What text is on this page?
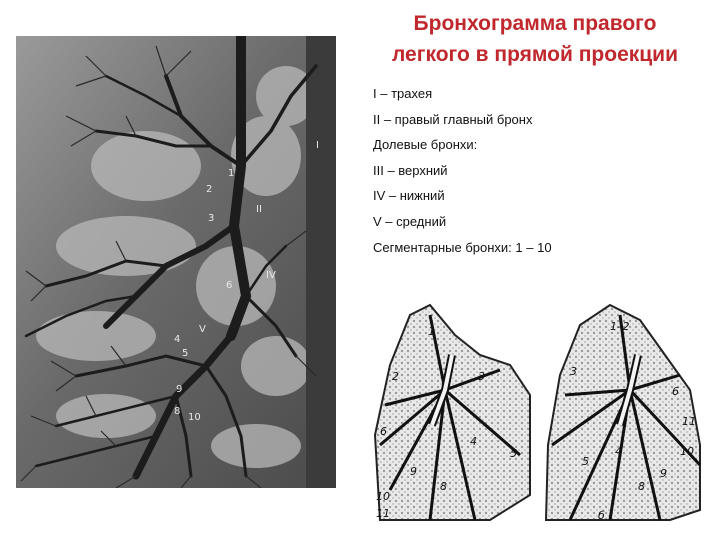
Бронхограмма правого
легкого в прямой проекции
I – трахея
II – правый главный бронх
Долевые бронхи:
III – верхний
IV – нижний
V – средний
Сегментарные бронхи: 1 – 10
I
II
IV
V
1
2
3
4
5
6
8
9
10
1
2	3
4
5
6
8
9
10
11
1–2
3
4
5
6
8
9
10
11
б
